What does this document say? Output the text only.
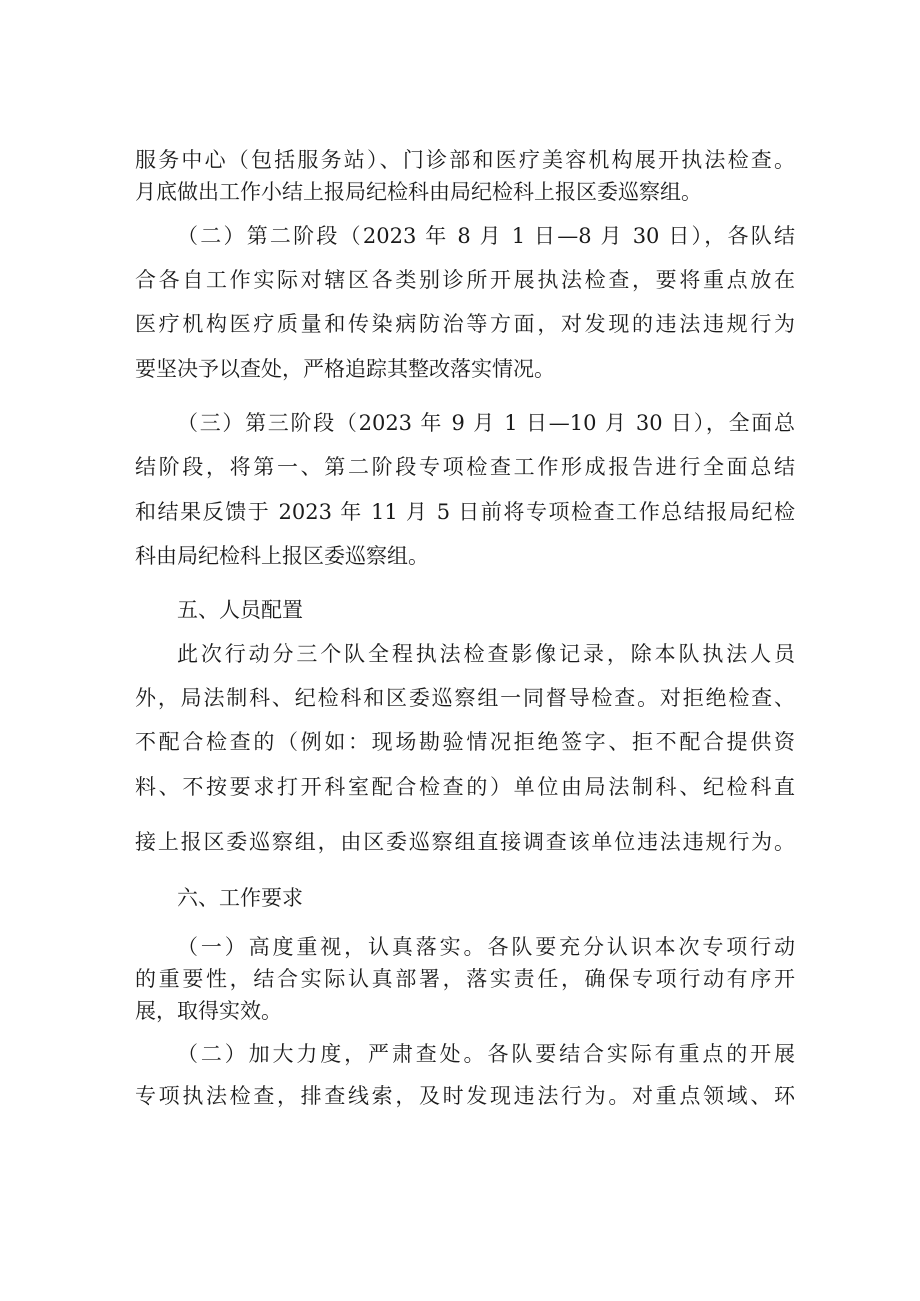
服务中心（包括服务站）、门诊部和医疗美容机构展开执法检查。
月底做出工作小结上报局纪检科由局纪检科上报区委巡察组。
（二）第二阶段（2023 年 8 月 1 日—8 月 30 日），各队结
合各自工作实际对辖区各类别诊所开展执法检查，要将重点放在
医疗机构医疗质量和传染病防治等方面，对发现的违法违规行为
要坚决予以查处，严格追踪其整改落实情况。
（三）第三阶段（2023 年 9 月 1 日—10 月 30 日），全面总
结阶段，将第一、第二阶段专项检查工作形成报告进行全面总结
和结果反馈于 2023 年 11 月 5 日前将专项检查工作总结报局纪检
科由局纪检科上报区委巡察组。
五、人员配置
此次行动分三个队全程执法检查影像记录，除本队执法人员
外，局法制科、纪检科和区委巡察组一同督导检查。对拒绝检查、
不配合检查的（例如：现场勘验情况拒绝签字、拒不配合提供资
料、不按要求打开科室配合检查的）单位由局法制科、纪检科直
接上报区委巡察组，由区委巡察组直接调查该单位违法违规行为。
六、工作要求
（一）高度重视，认真落实。各队要充分认识本次专项行动
的重要性，结合实际认真部署，落实责任，确保专项行动有序开
展，取得实效。
（二）加大力度，严肃查处。各队要结合实际有重点的开展
专项执法检查，排查线索，及时发现违法行为。对重点领域、环
